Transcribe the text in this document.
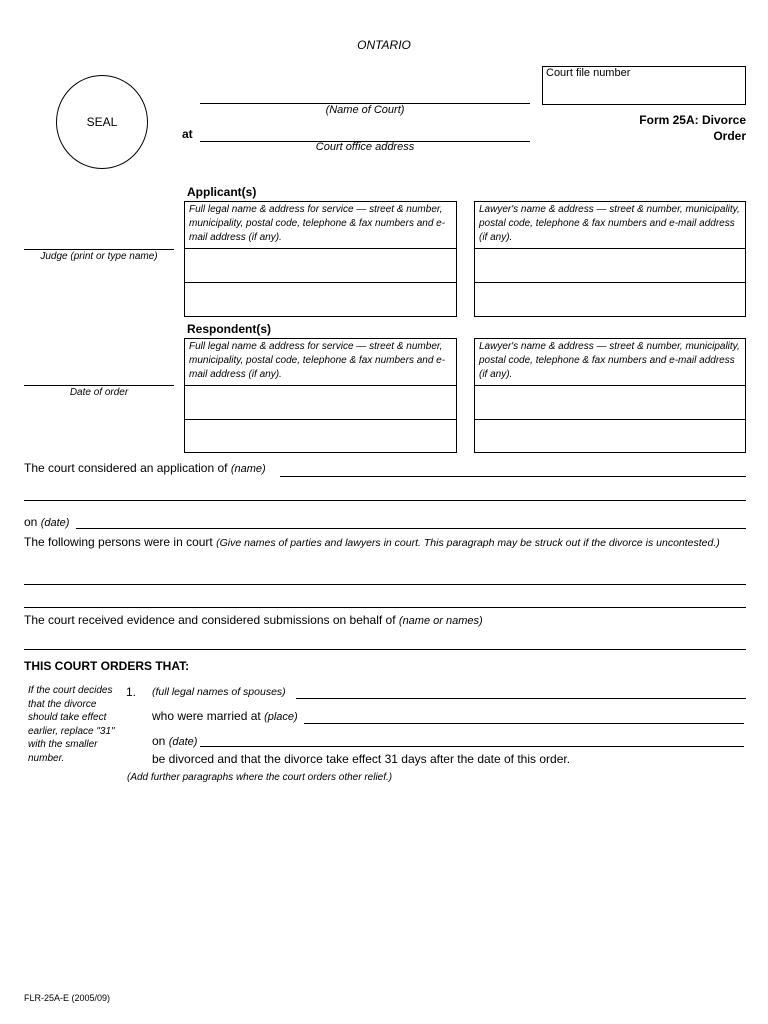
ONTARIO
Court file number
SEAL
(Name of Court)
at
Court office address
Form 25A: Divorce Order
Judge (print or type name)
Date of order
Applicant(s)
Full legal name & address for service — street & number, municipality, postal code, telephone & fax numbers and e-mail address (if any).
Lawyer's name & address — street & number, municipality, postal code, telephone & fax numbers and e-mail address (if any).
Respondent(s)
Full legal name & address for service — street & number, municipality, postal code, telephone & fax numbers and e-mail address (if any).
Lawyer's name & address — street & number, municipality, postal code, telephone & fax numbers and e-mail address (if any).
The court considered an application of (name)
on (date)
The following persons were in court (Give names of parties and lawyers in court. This paragraph may be struck out if the divorce is uncontested.)
The court received evidence and considered submissions on behalf of (name or names)
THIS COURT ORDERS THAT:
If the court decides that the divorce should take effect earlier, replace "31" with the smaller number.
1. (full legal names of spouses)
who were married at (place)
on (date)
be divorced and that the divorce take effect 31 days after the date of this order.
(Add further paragraphs where the court orders other relief.)
FLR-25A-E (2005/09)
